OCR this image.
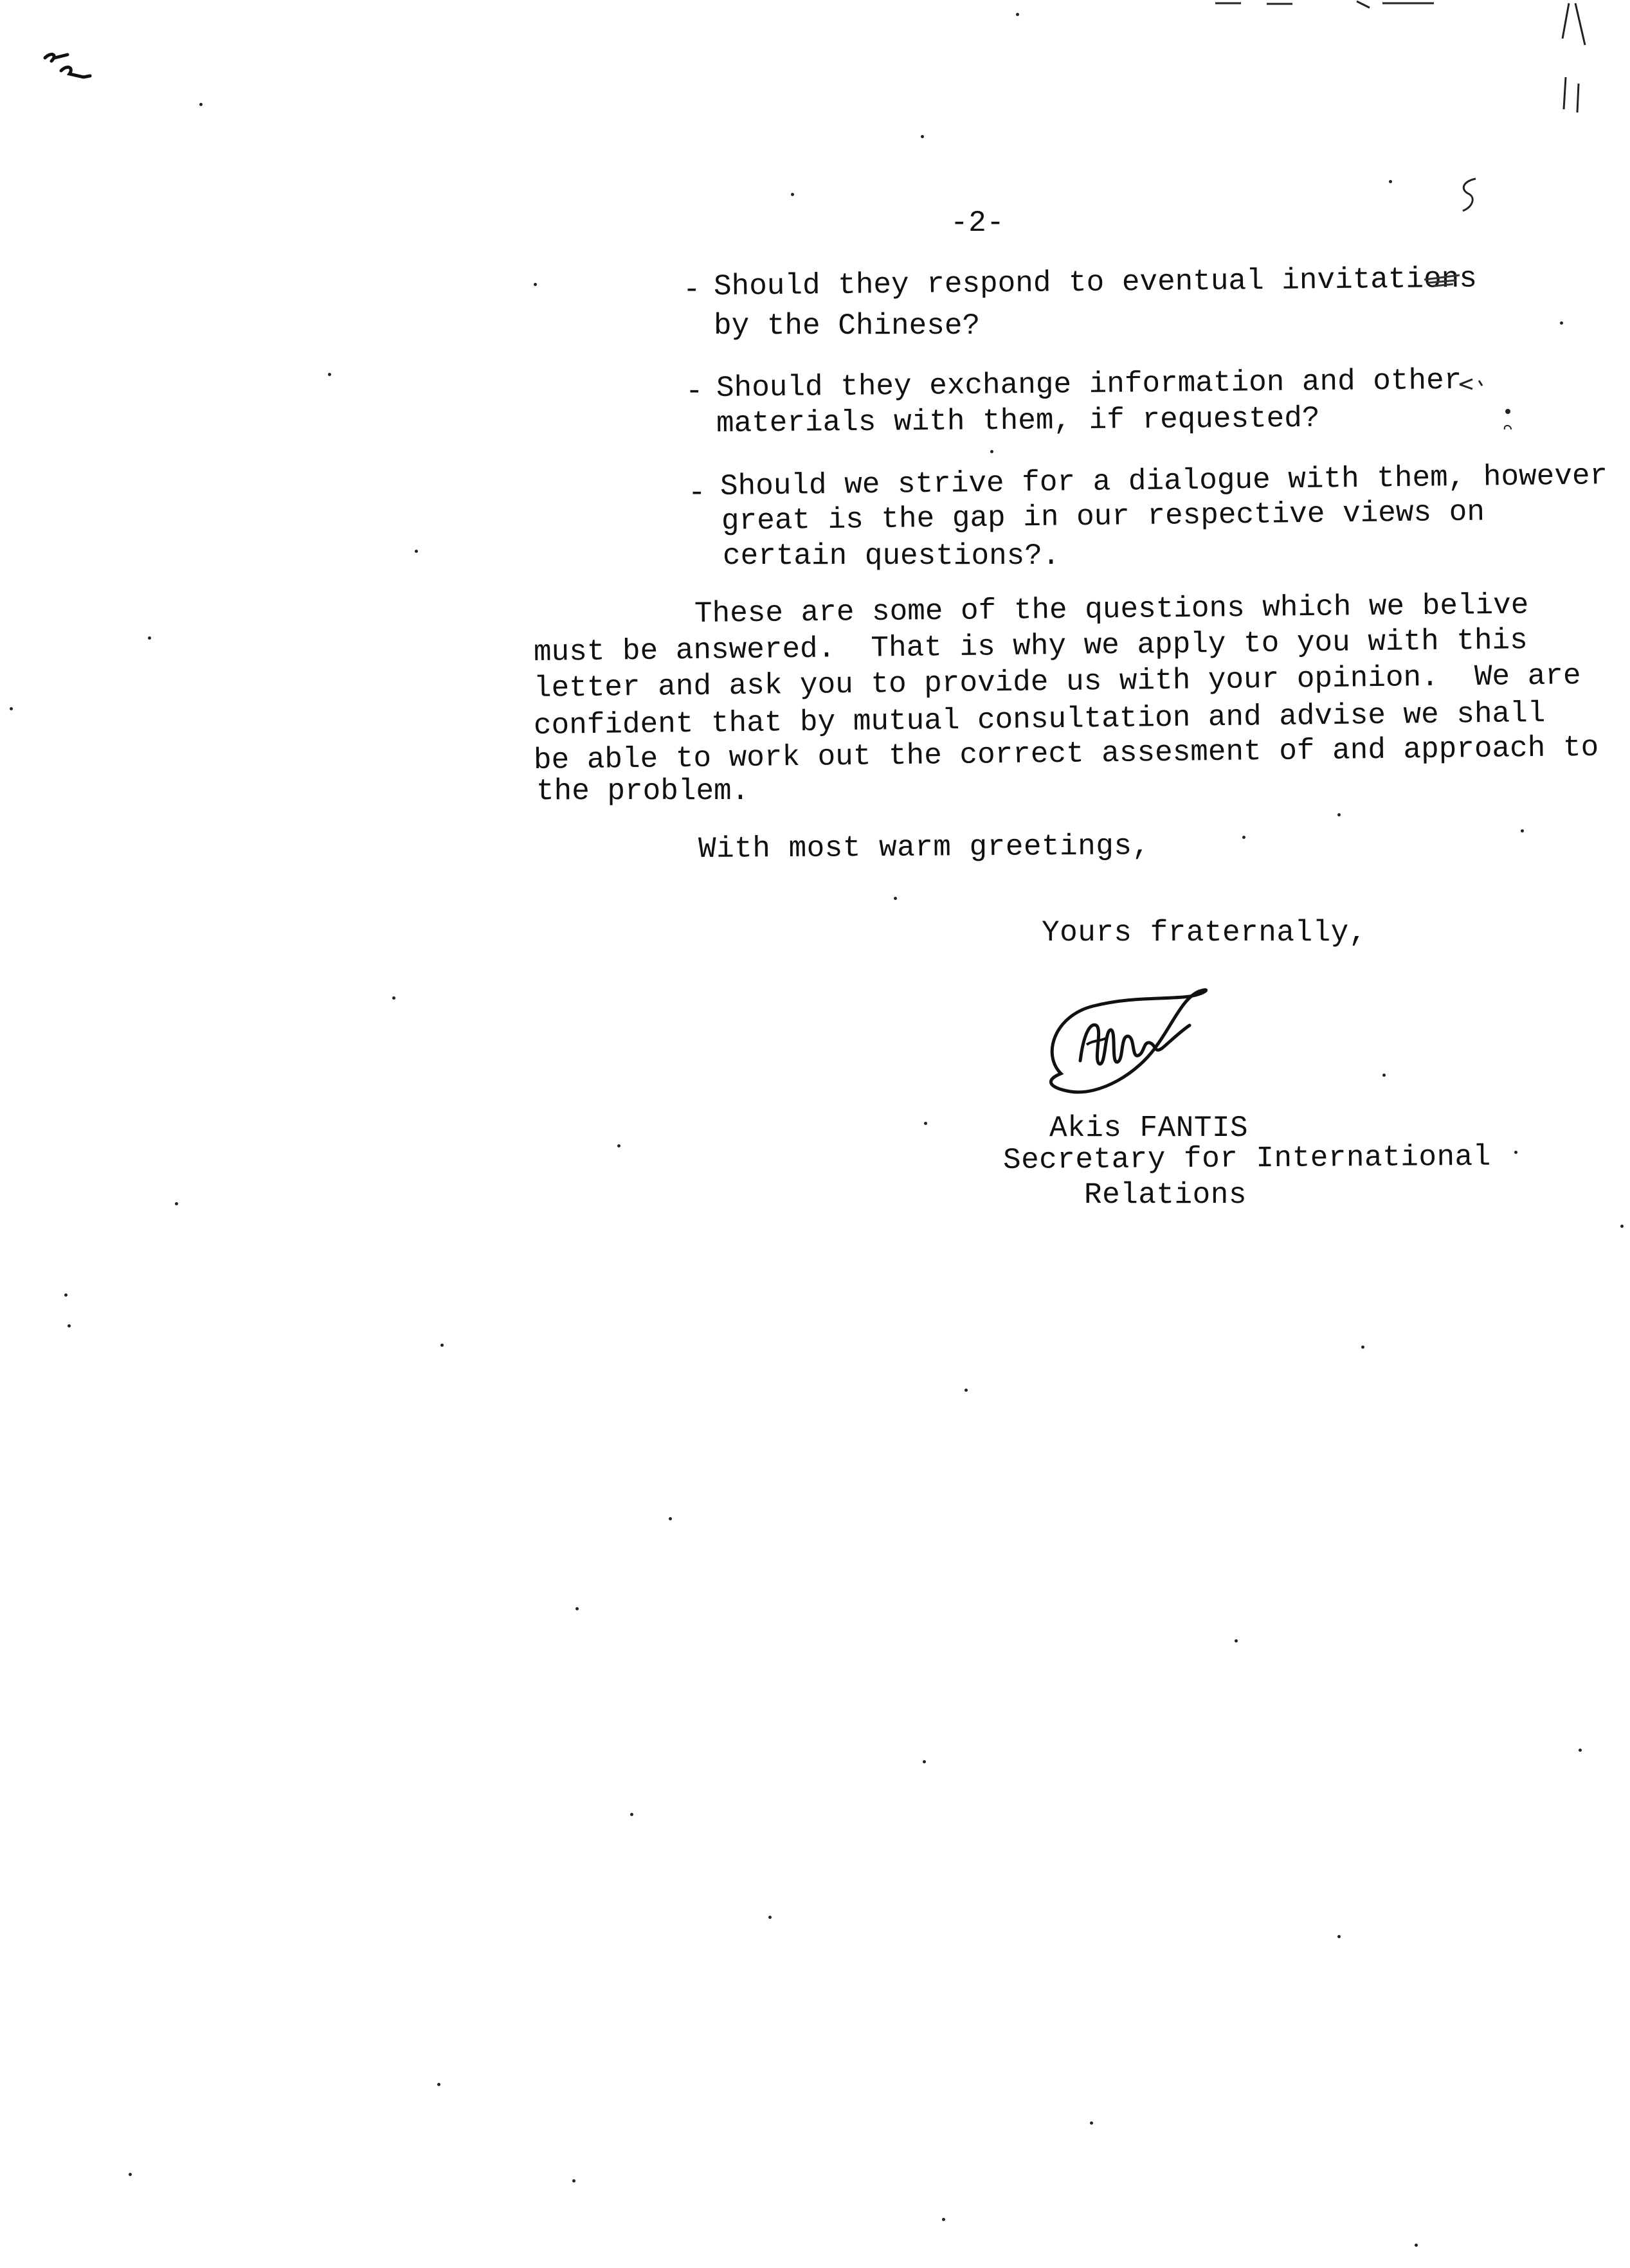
-2-
- Should they respond to eventual invitations
by the Chinese?
- Should they exchange information and other
materials with them, if requested?
- Should we strive for a dialogue with them, however
great is the gap in our respective views on
certain questions?.
These are some of the questions which we belive
must be answered.  That is why we apply to you with this
letter and ask you to provide us with your opinion.  We are
confident that by mutual consultation and advise we shall
be able to work out the correct assesment of and approach to
the problem.
With most warm greetings,
Yours fraternally,
Akis FANTIS
Secretary for International
Relations
